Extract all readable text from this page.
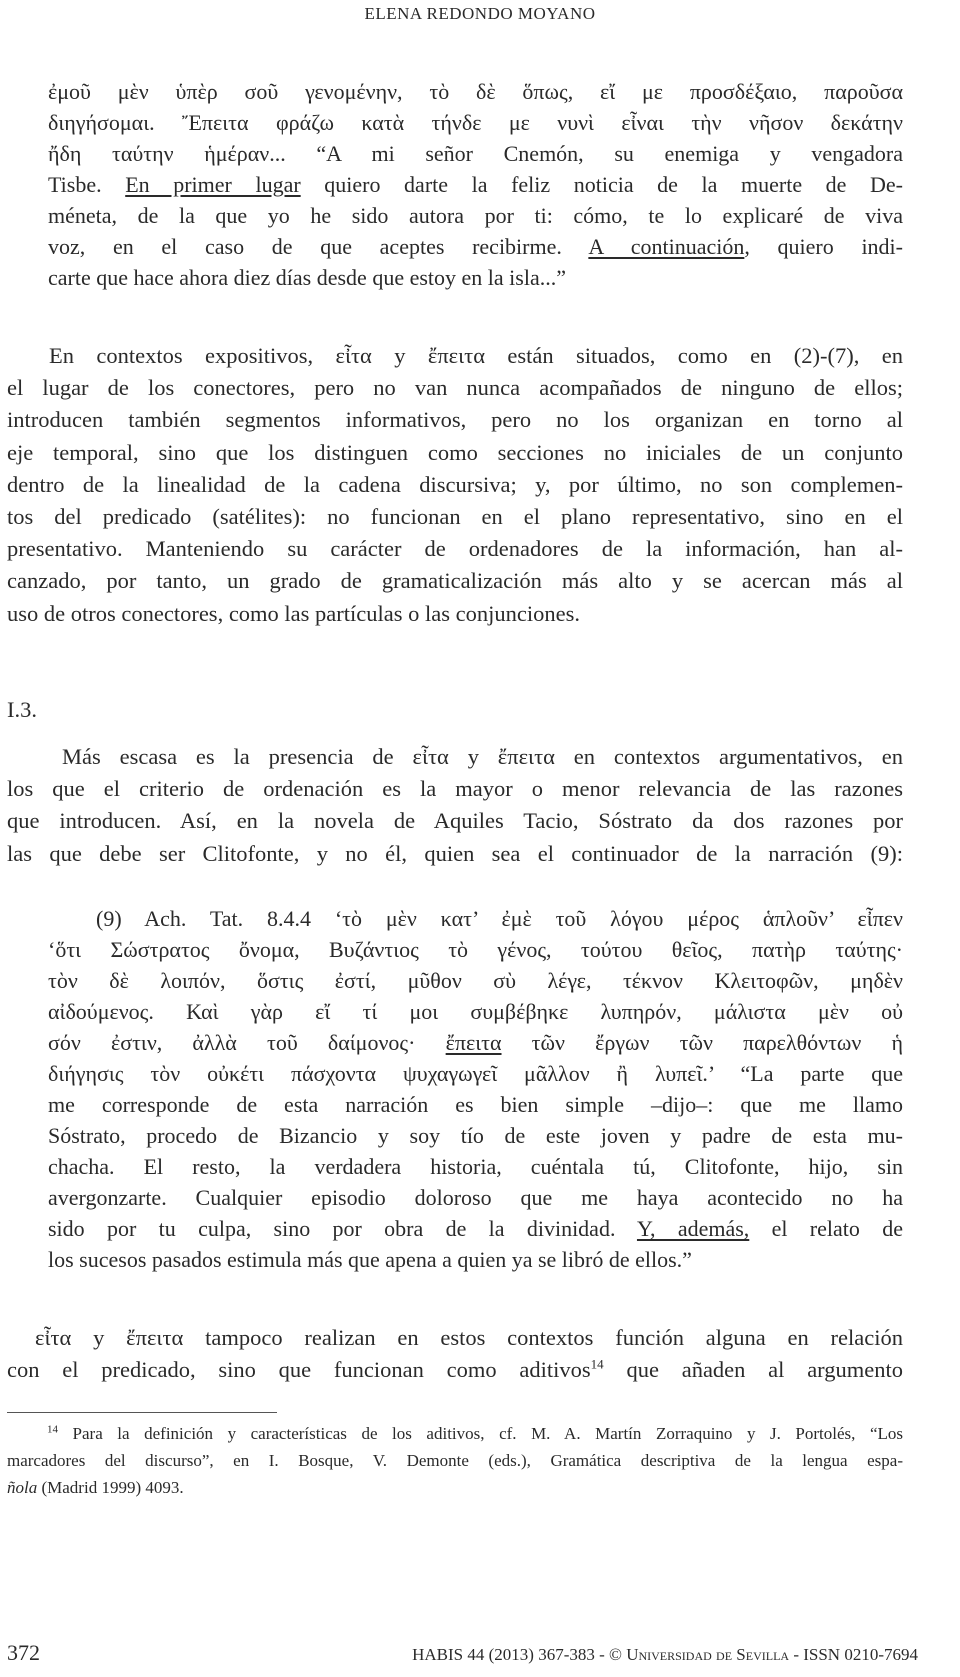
ELENA REDONDO MOYANO
ἐμοῦ μὲν ὑπὲρ σοῦ γενομένην, τὸ δὲ ὅπως, εἴ με προσδέξαιο, παροῦσα
διηγήσομαι. Ἔπειτα φράζω κατὰ τήνδε με νυνὶ εἶναι τὴν νῆσον δεκάτην
ἤδη ταύτην ἡμέραν... “A mi señor Cnemón, su enemiga y vengadora
Tisbe. En primer lugar quiero darte la feliz noticia de la muerte de De-
méneta, de la que yo he sido autora por ti: cómo, te lo explicaré de viva
voz, en el caso de que aceptes recibirme. A continuación, quiero indi-
carte que hace ahora diez días desde que estoy en la isla...”
En contextos expositivos, εἶτα y ἔπειτα están situados, como en (2)-(7), en
el lugar de los conectores, pero no van nunca acompañados de ninguno de ellos;
introducen también segmentos informativos, pero no los organizan en torno al
eje temporal, sino que los distinguen como secciones no iniciales de un conjunto
dentro de la linealidad de la cadena discursiva; y, por último, no son complemen-
tos del predicado (satélites): no funcionan en el plano representativo, sino en el
presentativo. Manteniendo su carácter de ordenadores de la información, han al-
canzado, por tanto, un grado de gramaticalización más alto y se acercan más al
uso de otros conectores, como las partículas o las conjunciones.
I.3.
Más escasa es la presencia de εἶτα y ἔπειτα en contextos argumentativos, en
los que el criterio de ordenación es la mayor o menor relevancia de las razones
que introducen. Así, en la novela de Aquiles Tacio, Sóstrato da dos razones por
las que debe ser Clitofonte, y no él, quien sea el continuador de la narración (9):
(9) Ach. Tat. 8.4.4 ‘τὸ μὲν κατ’ ἐμὲ τοῦ λόγου μέρος ἁπλοῦν’ εἶπεν
‘ὅτι Σώστρατος ὄνομα, Βυζάντιος τὸ γένος, τούτου θεῖος, πατὴρ ταύτης·
τὸν δὲ λοιπόν, ὅστις ἐστί, μῦθον σὺ λέγε, τέκνον Κλειτοφῶν, μηδὲν
αἰδούμενος. Καὶ γὰρ εἴ τί μοι συμβέβηκε λυπηρόν, μάλιστα μὲν οὐ
σόν ἐστιν, ἀλλὰ τοῦ δαίμονος· ἔπειτα τῶν ἔργων τῶν παρελθόντων ἡ
διήγησις τὸν οὐκέτι πάσχοντα ψυχαγωγεῖ μᾶλλον ἢ λυπεῖ.’ “La parte que
me corresponde de esta narración es bien simple –dijo–: que me llamo
Sóstrato, procedo de Bizancio y soy tío de este joven y padre de esta mu-
chacha. El resto, la verdadera historia, cuéntala tú, Clitofonte, hijo, sin
avergonzarte. Cualquier episodio doloroso que me haya acontecido no ha
sido por tu culpa, sino por obra de la divinidad. Y, además, el relato de
los sucesos pasados estimula más que apena a quien ya se libró de ellos.”
εἶτα y ἔπειτα tampoco realizan en estos contextos función alguna en relación
con el predicado, sino que funcionan como aditivos$^{14}$ que añaden al argumento
$^{14}$ Para la definición y características de los aditivos, cf. M. A. Martín Zorraquino y J. Portolés, “Los
marcadores del discurso”, en I. Bosque, V. Demonte (eds.), Gramática descriptiva de la lengua espa-
ñola (Madrid 1999) 4093.
372	HABIS 44 (2013) 367-383 - © Universidad de Sevilla - ISSN 0210-7694
